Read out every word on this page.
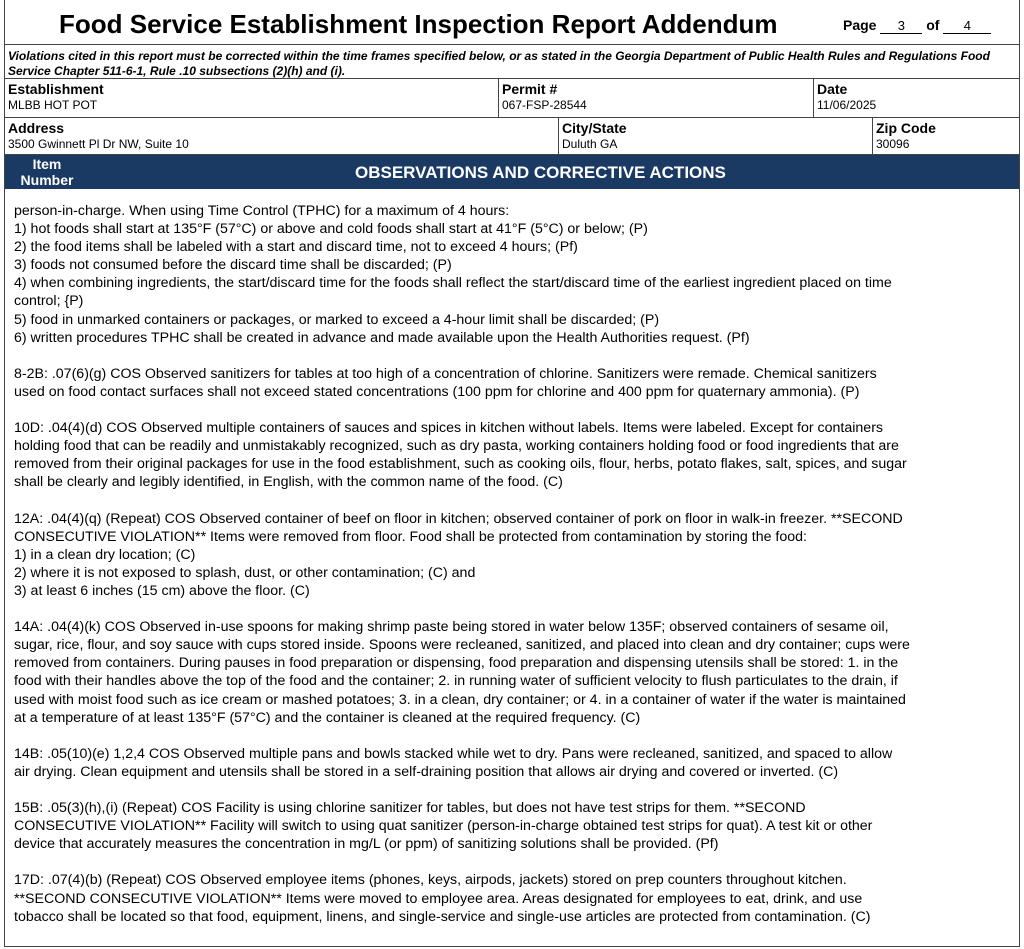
Food Service Establishment Inspection Report Addendum	Page 3 of 4
Violations cited in this report must be corrected within the time frames specified below, or as stated in the Georgia Department of Public Health Rules and Regulations Food Service Chapter 511-6-1, Rule .10 subsections (2)(h) and (i).
Establishment
MLBB HOT POT
Permit #
067-FSP-28544
Date
11/06/2025
Address
3500 Gwinnett Pl Dr NW, Suite 10
City/State
Duluth GA
Zip Code
30096
Item
Number	OBSERVATIONS AND CORRECTIVE ACTIONS
person-in-charge. When using Time Control (TPHC) for a maximum of 4 hours:
1) hot foods shall start at 135°F (57°C) or above and cold foods shall start at 41°F (5°C) or below; (P)
2) the food items shall be labeled with a start and discard time, not to exceed 4 hours; (Pf)
3) foods not consumed before the discard time shall be discarded; (P)
4) when combining ingredients, the start/discard time for the foods shall reflect the start/discard time of the earliest ingredient placed on time
control; {P)
5) food in unmarked containers or packages, or marked to exceed a 4-hour limit shall be discarded; (P)
6) written procedures TPHC shall be created in advance and made available upon the Health Authorities request. (Pf)
8-2B: .07(6)(g) COS Observed sanitizers for tables at too high of a concentration of chlorine. Sanitizers were remade. Chemical sanitizers
used on food contact surfaces shall not exceed stated concentrations (100 ppm for chlorine and 400 ppm for quaternary ammonia). (P)
10D: .04(4)(d) COS Observed multiple containers of sauces and spices in kitchen without labels. Items were labeled. Except for containers
holding food that can be readily and unmistakably recognized, such as dry pasta, working containers holding food or food ingredients that are
removed from their original packages for use in the food establishment, such as cooking oils, flour, herbs, potato flakes, salt, spices, and sugar
shall be clearly and legibly identified, in English, with the common name of the food. (C)
12A: .04(4)(q) (Repeat) COS Observed container of beef on floor in kitchen; observed container of pork on floor in walk-in freezer. **SECOND
CONSECUTIVE VIOLATION** Items were removed from floor. Food shall be protected from contamination by storing the food:
1) in a clean dry location; (C)
2) where it is not exposed to splash, dust, or other contamination; (C) and
3) at least 6 inches (15 cm) above the floor. (C)
14A: .04(4)(k) COS Observed in-use spoons for making shrimp paste being stored in water below 135F; observed containers of sesame oil,
sugar, rice, flour, and soy sauce with cups stored inside. Spoons were recleaned, sanitized, and placed into clean and dry container; cups were
removed from containers. During pauses in food preparation or dispensing, food preparation and dispensing utensils shall be stored: 1. in the
food with their handles above the top of the food and the container; 2. in running water of sufficient velocity to flush particulates to the drain, if
used with moist food such as ice cream or mashed potatoes; 3. in a clean, dry container; or 4. in a container of water if the water is maintained
at a temperature of at least 135°F (57°C) and the container is cleaned at the required frequency. (C)
14B: .05(10)(e) 1,2,4 COS Observed multiple pans and bowls stacked while wet to dry. Pans were recleaned, sanitized, and spaced to allow
air drying. Clean equipment and utensils shall be stored in a self-draining position that allows air drying and covered or inverted. (C)
15B: .05(3)(h),(i) (Repeat) COS Facility is using chlorine sanitizer for tables, but does not have test strips for them. **SECOND
CONSECUTIVE VIOLATION** Facility will switch to using quat sanitizer (person-in-charge obtained test strips for quat). A test kit or other
device that accurately measures the concentration in mg/L (or ppm) of sanitizing solutions shall be provided. (Pf)
17D: .07(4)(b) (Repeat) COS Observed employee items (phones, keys, airpods, jackets) stored on prep counters throughout kitchen.
**SECOND CONSECUTIVE VIOLATION** Items were moved to employee area. Areas designated for employees to eat, drink, and use
tobacco shall be located so that food, equipment, linens, and single-service and single-use articles are protected from contamination. (C)
